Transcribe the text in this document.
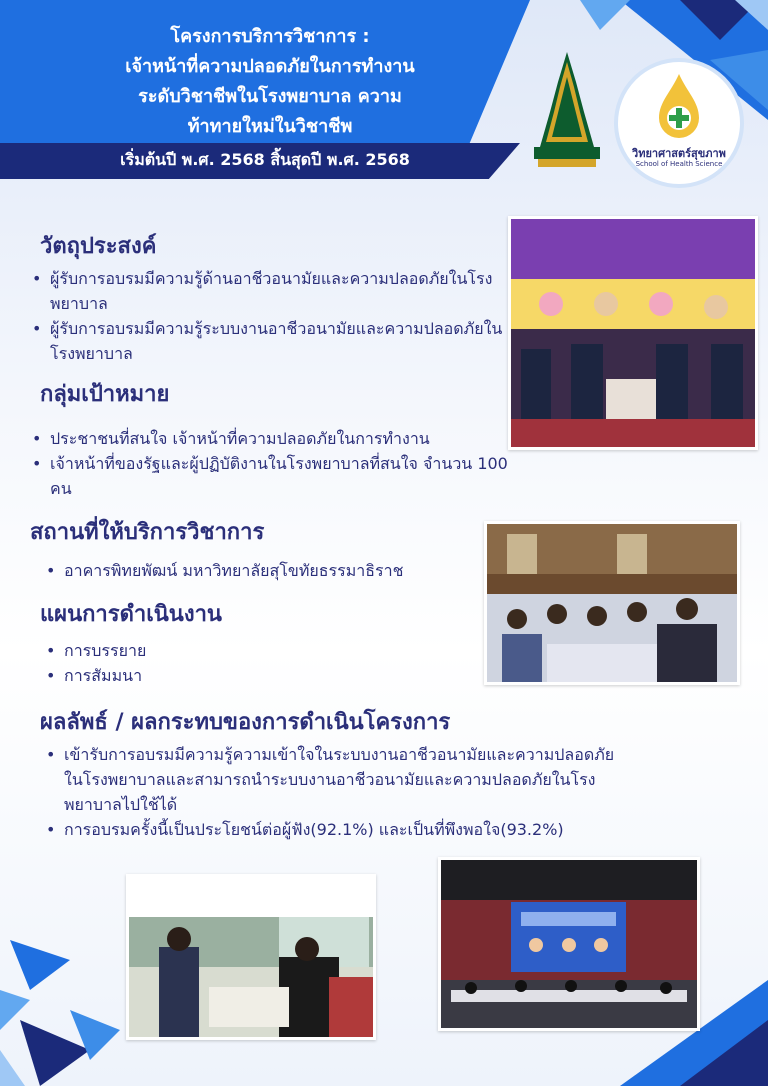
โครงการบริการวิชาการ :
เจ้าหน้าที่ความปลอดภัยในการทำงาน
ระดับวิชาชีพในโรงพยาบาล ความ
ท้าทายใหม่ในวิชาชีพ
เริ่มต้นปี พ.ศ. 2568 สิ้นสุดปี พ.ศ. 2568	วิทยาศาสตร์สุขภาพ
School of Health Science
วัตถุประสงค์
• ผู้รับการอบรมมีความรู้ด้านอาชีวอนามัยและความปลอดภัยในโรงพยาบาล
• ผู้รับการอบรมมีความรู้ระบบงานอาชีวอนามัยและความปลอดภัยในโรงพยาบาล
กลุ่มเป้าหมาย
• ประชาชนที่สนใจ เจ้าหน้าที่ความปลอดภัยในการทำงาน
• เจ้าหน้าที่ของรัฐและผู้ปฏิบัติงานในโรงพยาบาลที่สนใจ จำนวน 100 คน
สถานที่ให้บริการวิชาการ
• อาคารพิทยพัฒน์ มหาวิทยาลัยสุโขทัยธรรมาธิราช
แผนการดำเนินงาน
• การบรรยาย
• การสัมมนา
ผลลัพธ์ / ผลกระทบของการดำเนินโครงการ
• เข้ารับการอบรมมีความรู้ความเข้าใจในระบบงานอาชีวอนามัยและความปลอดภัยในโรงพยาบาลและสามารถนำระบบงานอาชีวอนามัยและความปลอดภัยในโรงพยาบาลไปใช้ได้
• การอบรมครั้งนี้เป็นประโยชน์ต่อผู้ฟัง(92.1%) และเป็นที่พึงพอใจ(93.2%)
